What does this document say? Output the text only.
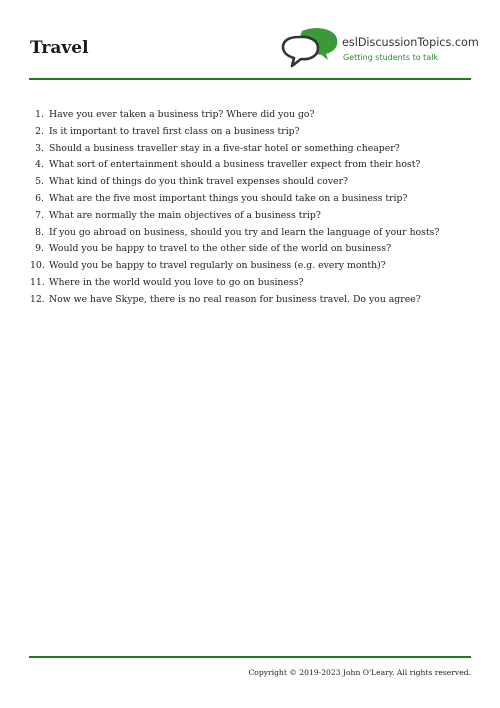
Travel	eslDiscussionTopics.com
Getting students to talk
1. Have you ever taken a business trip? Where did you go?
2. Is it important to travel first class on a business trip?
3. Should a business traveller stay in a five-star hotel or something cheaper?
4. What sort of entertainment should a business traveller expect from their host?
5. What kind of things do you think travel expenses should cover?
6. What are the five most important things you should take on a business trip?
7. What are normally the main objectives of a business trip?
8. If you go abroad on business, should you try and learn the language of your hosts?
9. Would you be happy to travel to the other side of the world on business?
10. Would you be happy to travel regularly on business (e.g. every month)?
11. Where in the world would you love to go on business?
12. Now we have Skype, there is no real reason for business travel. Do you agree?
Copyright © 2019-2023 John O'Leary. All rights reserved.
